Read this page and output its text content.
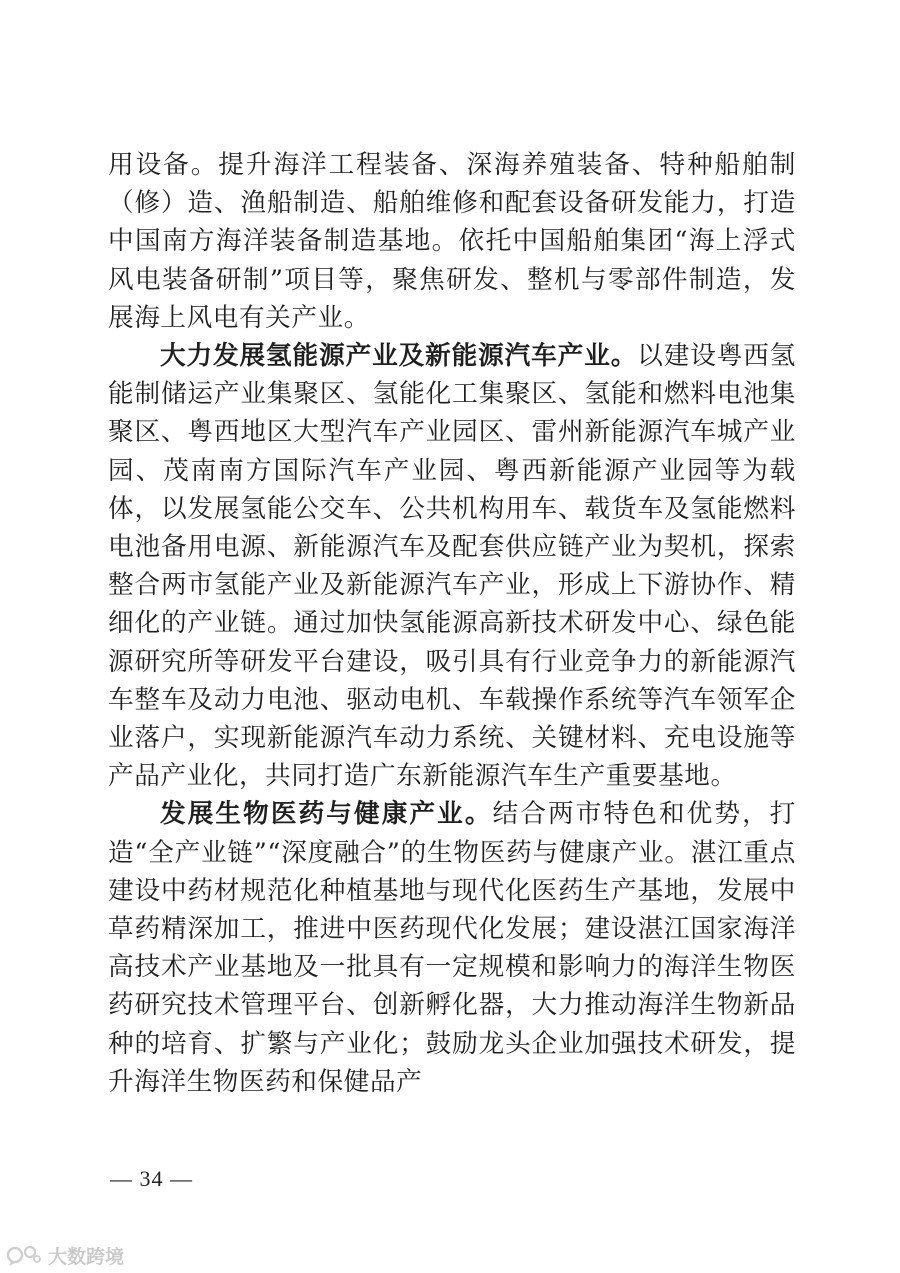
用设备。提升海洋工程装备、深海养殖装备、特种船舶制（修）造、渔船制造、船舶维修和配套设备研发能力，打造中国南方海洋装备制造基地。依托中国船舶集团“海上浮式风电装备研制”项目等，聚焦研发、整机与零部件制造，发展海上风电有关产业。

大力发展氢能源产业及新能源汽车产业。以建设粤西氢能制储运产业集聚区、氢能化工集聚区、氢能和燃料电池集聚区、粤西地区大型汽车产业园区、雷州新能源汽车城产业园、茂南南方国际汽车产业园、粤西新能源产业园等为载体，以发展氢能公交车、公共机构用车、载货车及氢能燃料电池备用电源、新能源汽车及配套供应链产业为契机，探索整合两市氢能产业及新能源汽车产业，形成上下游协作、精细化的产业链。通过加快氢能源高新技术研发中心、绿色能源研究所等研发平台建设，吸引具有行业竞争力的新能源汽车整车及动力电池、驱动电机、车载操作系统等汽车领军企业落户，实现新能源汽车动力系统、关键材料、充电设施等产品产业化，共同打造广东新能源汽车生产重要基地。

发展生物医药与健康产业。结合两市特色和优势，打造“全产业链”“深度融合”的生物医药与健康产业。湛江重点建设中药材规范化种植基地与现代化医药生产基地，发展中草药精深加工，推进中医药现代化发展；建设湛江国家海洋高技术产业基地及一批具有一定规模和影响力的海洋生物医药研究技术管理平台、创新孵化器，大力推动海洋生物新品种的培育、扩繁与产业化；鼓励龙头企业加强技术研发，提升海洋生物医药和保健品产

— 34 —
大数跨境
